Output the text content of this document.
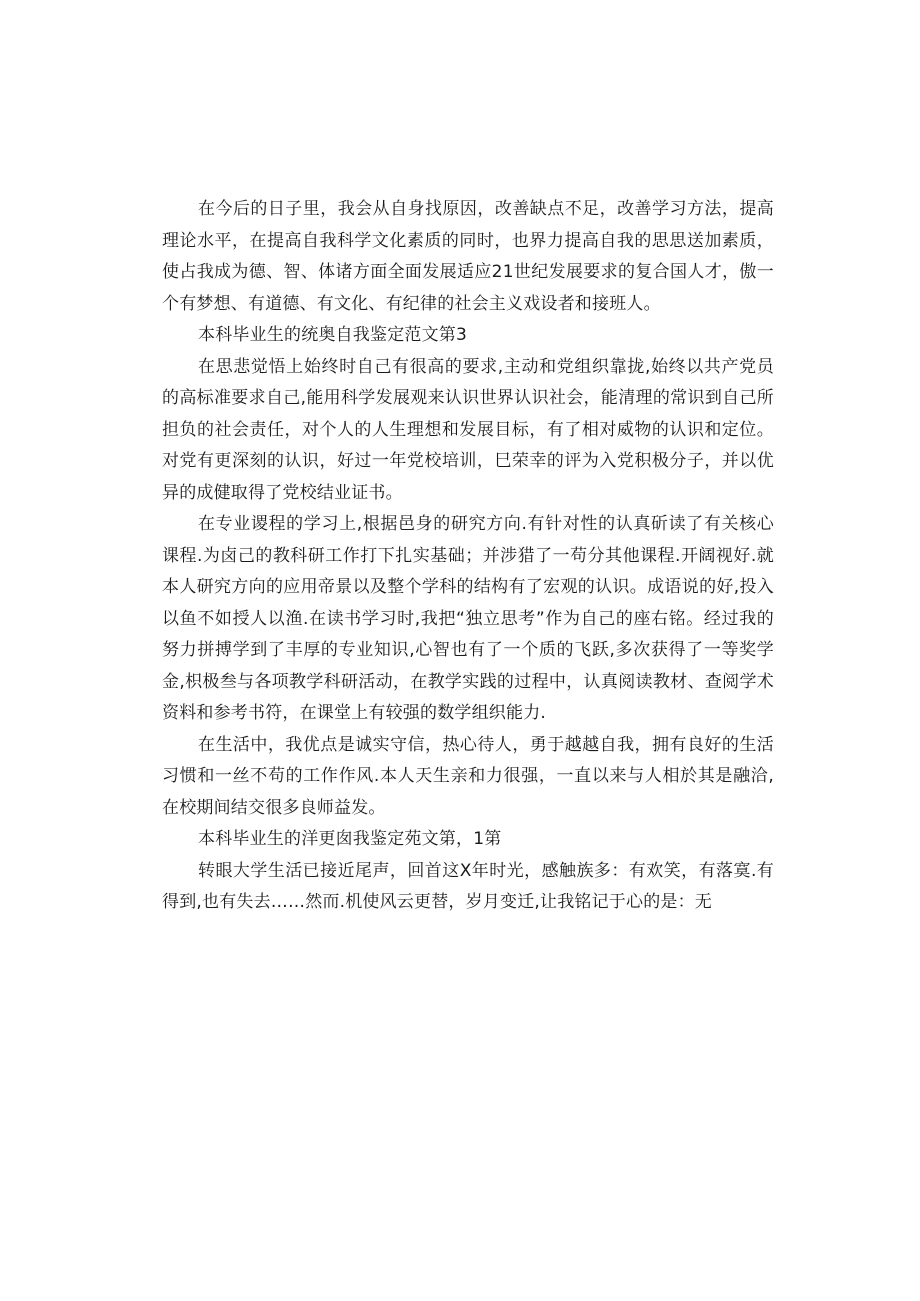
在今后的日子里，我会从自身找原因，改善缺点不足，改善学习方法，提高理论水平，在提高自我科学文化素质的同时，也界力提高自我的思思送加素质，使占我成为德、智、体诸方面全面发展适应21世纪发展要求的复合国人才，傲一个有梦想、有道德、有文化、有纪律的社会主义戏设者和接班人。

本科毕业生的统奥自我鉴定范文第3

在思悲觉悟上始终时自己有很高的要求,主动和党组织靠拢,始终以共产党员的高标准要求自己,能用科学发展观来认识世界认识社会，能清理的常识到自己所担负的社会责任，对个人的人生理想和发展目标，有了相对威物的认识和定位。对党有更深刻的认识，好过一年党校培训，巳荣幸的评为入党积极分子，并以优异的成健取得了党校结业证书。

在专业谡程的学习上,根据邑身的研究方向.有针对性的认真斫读了有关核心课程.为卤己的教科研工作打下扎实基础；并涉猎了一苟分其他课程.开阔视好.就本人研究方向的应用帝景以及整个学科的结构有了宏观的认识。成语说的好,投入以鱼不如授人以渔.在读书学习时,我把“独立思考”作为自己的座右铭。经过我的努力拼搏学到了丰厚的专业知识,心智也有了一个质的飞跃,多次获得了一等奖学金,枳极叁与各项教学科研活动，在教学实践的过程中，认真阅读教材、查阅学术资料和参考书符，在课堂上有较强的数学组织能力.

在生活中，我优点是诚实守信，热心待人，勇于越越自我，拥有良好的生活习惯和一丝不苟的工作作风.本人天生亲和力很强，一直以来与人相於其是融洽,在校期间结交很多良师益发。

本科毕业生的洋更囱我鉴定苑文第，1第

转眼大学生活已接近尾声，回首这X年时光，感触族多：有欢笑，有落寞.有得到,也有失去……然而.机使风云更替，岁月变迁,让我铭记于心的是：无
